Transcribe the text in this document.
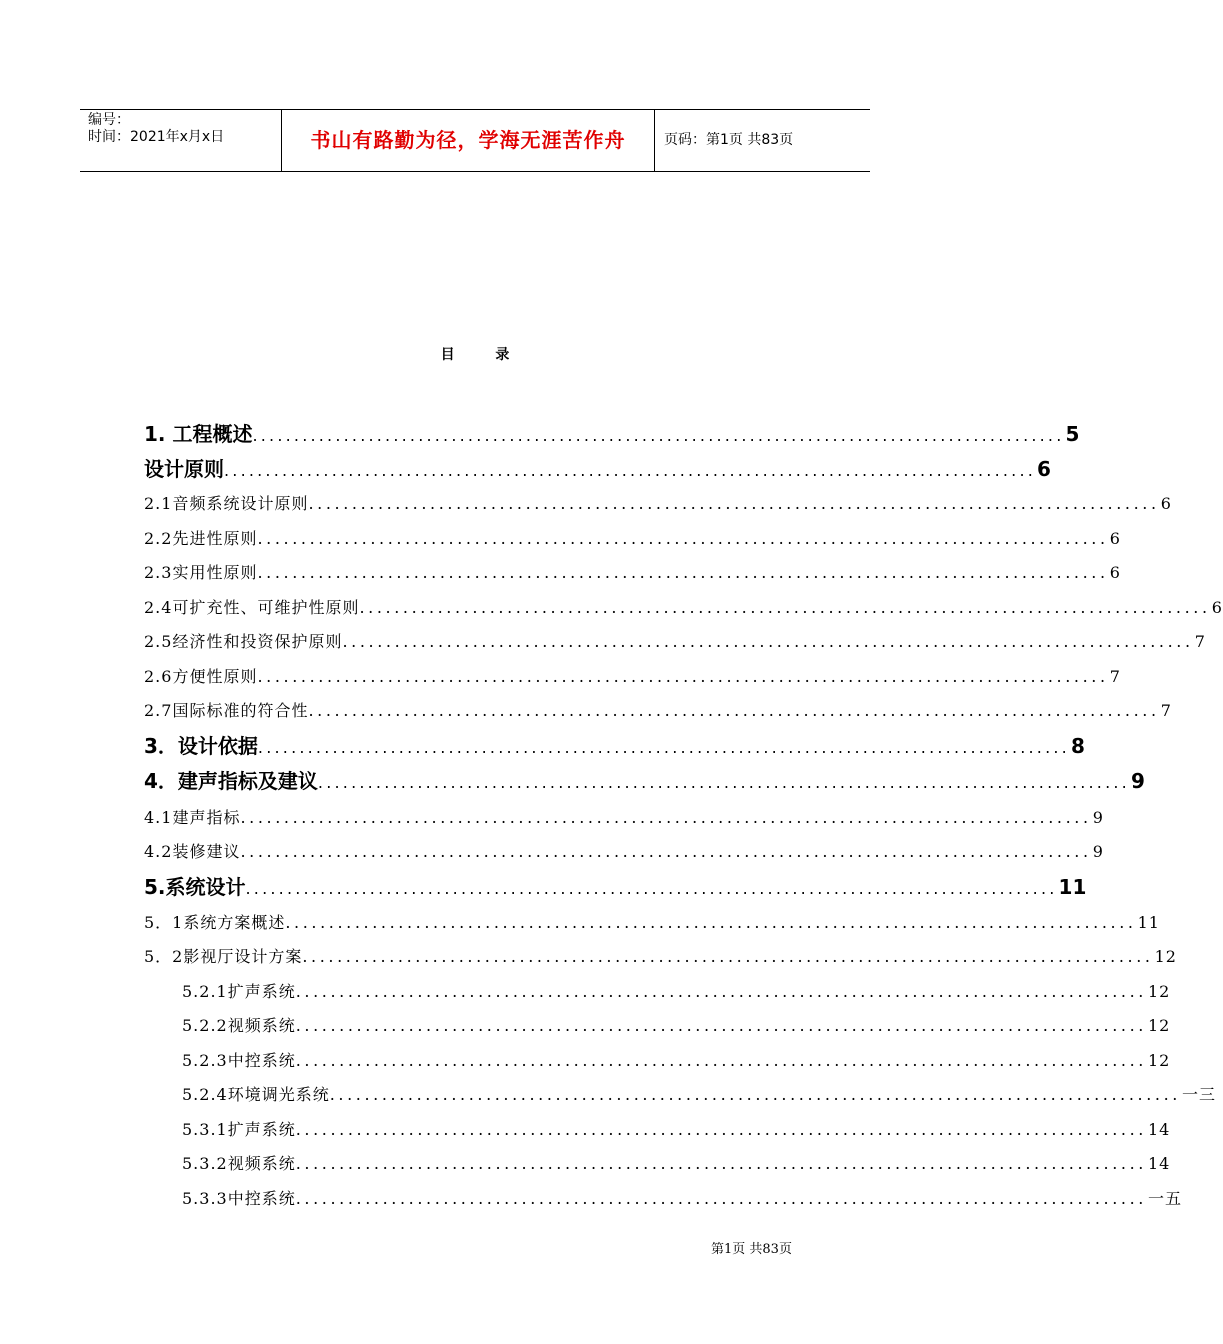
编号：
时间：2021年x月x日	书山有路勤为径，学海无涯苦作舟	页码：第1页 共83页
目 录
1. 工程概述 .................................................................................................. 5
设计原则 .................................................................................................. 6
2.1音频系统设计原则 .................................................................................................. 6
2.2先进性原则 .................................................................................................. 6
2.3实用性原则 .................................................................................................. 6
2.4可扩充性、可维护性原则 .................................................................................................. 6
2.5经济性和投资保护原则 .................................................................................................. 7
2.6方便性原则 .................................................................................................. 7
2.7国际标准的符合性 .................................................................................................. 7
3．设计依据 .................................................................................................. 8
4．建声指标及建议 .................................................................................................. 9
4.1建声指标 .................................................................................................. 9
4.2装修建议 .................................................................................................. 9
5.系统设计 .................................................................................................. 11
5．1系统方案概述 .................................................................................................. 11
5．2影视厅设计方案 .................................................................................................. 12
5.2.1扩声系统 .................................................................................................. 12
5.2.2视频系统 .................................................................................................. 12
5.2.3中控系统 .................................................................................................. 12
5.2.4环境调光系统 .................................................................................................. 一三
5.3.1扩声系统 .................................................................................................. 14
5.3.2视频系统 .................................................................................................. 14
5.3.3中控系统 .................................................................................................. 一五
第1页 共83页
